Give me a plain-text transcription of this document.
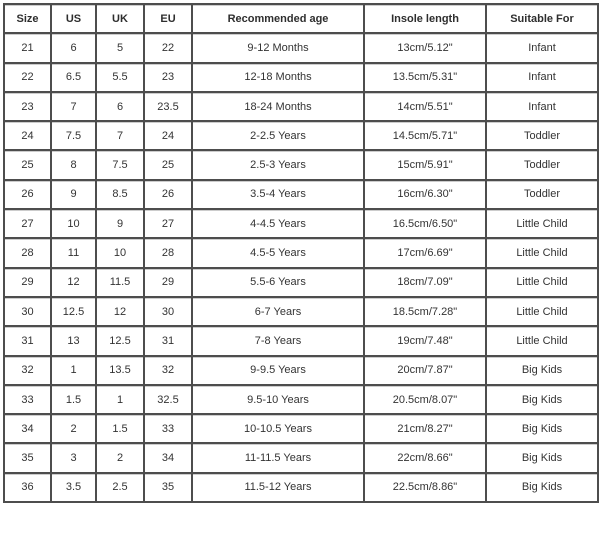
Size	US	UK	EU	Recommended age	Insole length	Suitable For
21	6	5	22	9-12 Months	13cm/5.12"	Infant
22	6.5	5.5	23	12-18 Months	13.5cm/5.31"	Infant
23	7	6	23.5	18-24 Months	14cm/5.51"	Infant
24	7.5	7	24	2-2.5 Years	14.5cm/5.71"	Toddler
25	8	7.5	25	2.5-3 Years	15cm/5.91"	Toddler
26	9	8.5	26	3.5-4 Years	16cm/6.30"	Toddler
27	10	9	27	4-4.5 Years	16.5cm/6.50"	Little Child
28	11	10	28	4.5-5 Years	17cm/6.69"	Little Child
29	12	11.5	29	5.5-6 Years	18cm/7.09"	Little Child
30	12.5	12	30	6-7 Years	18.5cm/7.28"	Little Child
31	13	12.5	31	7-8 Years	19cm/7.48"	Little Child
32	1	13.5	32	9-9.5 Years	20cm/7.87"	Big Kids
33	1.5	1	32.5	9.5-10 Years	20.5cm/8.07"	Big Kids
34	2	1.5	33	10-10.5 Years	21cm/8.27"	Big Kids
35	3	2	34	11-11.5 Years	22cm/8.66"	Big Kids
36	3.5	2.5	35	11.5-12 Years	22.5cm/8.86"	Big Kids
